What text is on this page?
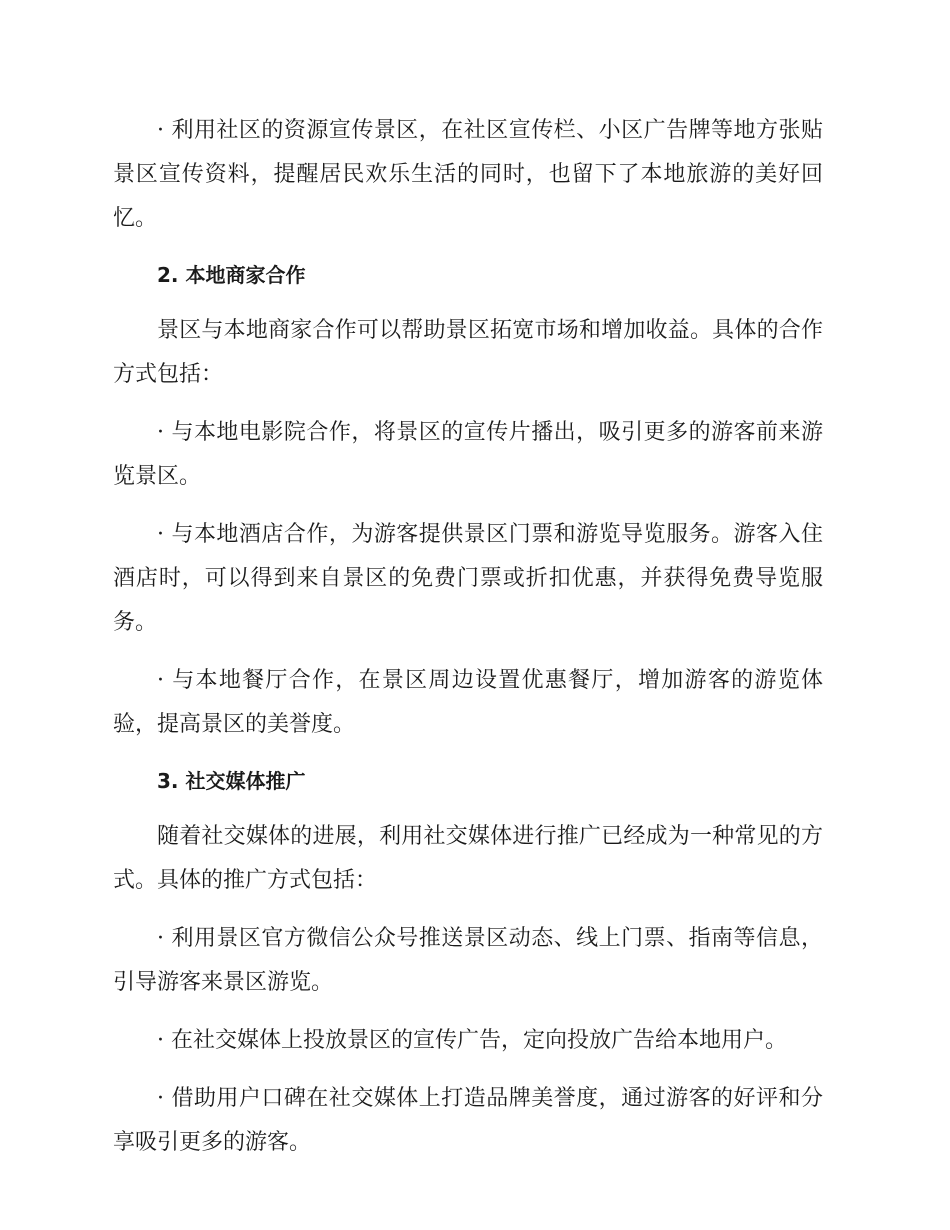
· 利用社区的资源宣传景区，在社区宣传栏、小区广告牌等地方张贴景区宣传资料，提醒居民欢乐生活的同时，也留下了本地旅游的美好回忆。

2. 本地商家合作

景区与本地商家合作可以帮助景区拓宽市场和增加收益。具体的合作方式包括：

· 与本地电影院合作，将景区的宣传片播出，吸引更多的游客前来游览景区。

· 与本地酒店合作，为游客提供景区门票和游览导览服务。游客入住酒店时，可以得到来自景区的免费门票或折扣优惠，并获得免费导览服务。

· 与本地餐厅合作，在景区周边设置优惠餐厅，增加游客的游览体验，提高景区的美誉度。

3. 社交媒体推广

随着社交媒体的进展，利用社交媒体进行推广已经成为一种常见的方式。具体的推广方式包括：

· 利用景区官方微信公众号推送景区动态、线上门票、指南等信息，引导游客来景区游览。

· 在社交媒体上投放景区的宣传广告，定向投放广告给本地用户。

· 借助用户口碑在社交媒体上打造品牌美誉度，通过游客的好评和分享吸引更多的游客。
